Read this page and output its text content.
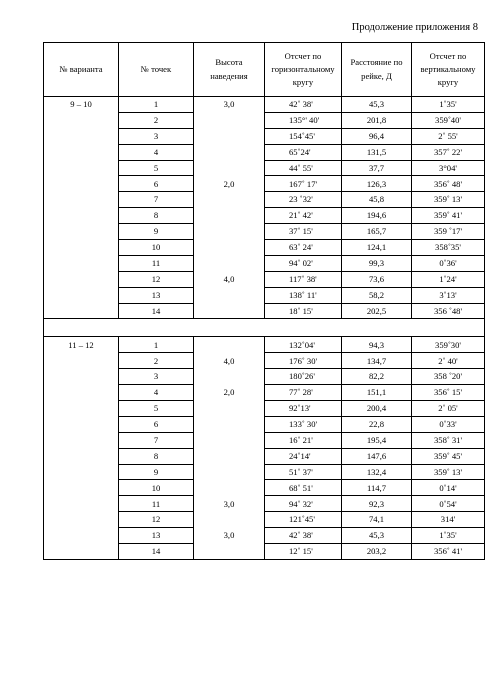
Продолжение приложения 8
№ варианта	№ точек	Высота наведения	Отсчет по горизонтальному кругу	Расстояние по рейке, Д	Отсчет по вертикальному кругу
9 – 10	1	3,0	42˚ 38'	45,3	1˚35'
	2		135°' 40'	201,8	359˚40'
	3		154˚45'	96,4	2˚ 55'
	4		65˚24'	131,5	357˚ 22'
	5		44˚ 55'	37,7	3°04'
	6	2,0	167˚ 17'	126,3	356˚ 48'
	7		23 ˚32'	45,8	359˚ 13'
	8		21˚ 42'	194,6	359˚ 41'
	9		37˚ 15'	165,7	359 ˚17'
	10		63˚ 24'	124,1	358˚35'
	11		94˚ 02'	99,3	0˚36'
	12	4,0	117˚ 38'	73,6	1˚24'
	13		138˚ 11'	58,2	3˚13'
	14		18˚ 15'	202,5	356 ˚48'

11 – 12	1		132˚04'	94,3	359˚30'
	2	4,0	176˚ 30'	134,7	2˚ 40'
	3		180˚26'	82,2	358 ˚20'
	4	2,0	77˚ 28'	151,1	356˚ 15'
	5		92˚13'	200,4	2˚ 05'
	6		133˚ 30'	22,8	0˚33'
	7		16˚ 21'	195,4	358˚ 31'
	8		24˚14'	147,6	359˚ 45'
	9		51˚ 37'	132,4	359˚ 13'
	10		68˚ 51'	114,7	0˚14'
	11	3,0	94˚ 32'	92,3	0˚54'
	12		121˚45'	74,1	314'
	13	3,0	42˚ 38'	45,3	1˚35'
	14		12˚ 15'	203,2	356˚ 41'
